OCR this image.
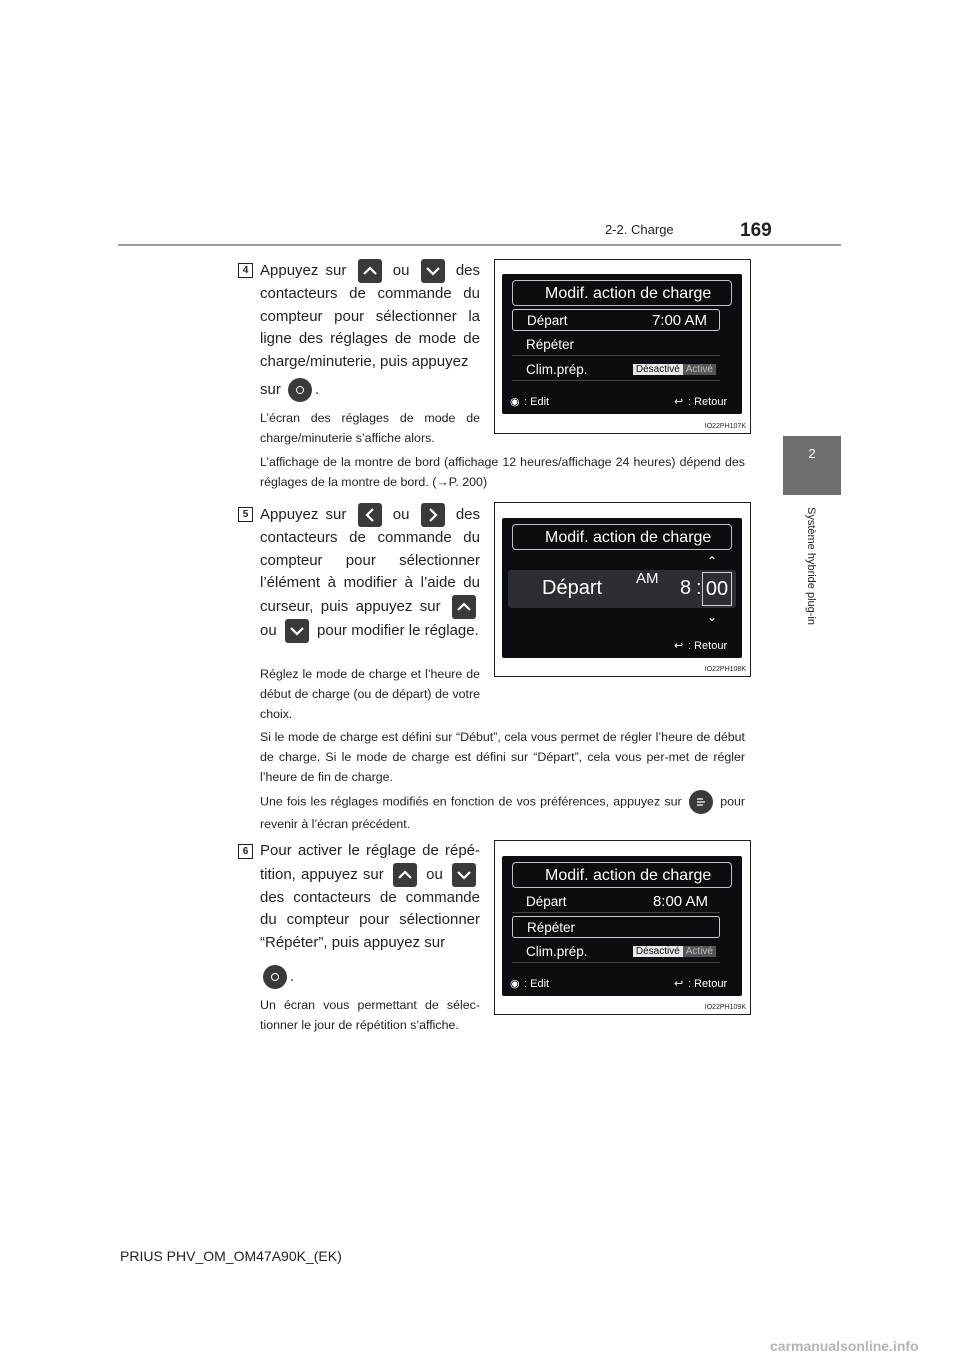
169
2-2. Charge
2
Système hybride plug-in
4 Appuyez sur	ou	des contacteurs de commande du compteur pour sélectionner la ligne des réglages de mode de charge/minuterie, puis appuyez
sur .
L’écran des réglages de mode de charge/minuterie s’affiche alors.
Modif. action de charge
Départ	7:00 AM
Répéter
Clim.prép.	Désactivé Activé
◉ : Edit	↩ : Retour
IO22PH107K
L’affichage de la montre de bord (affichage 12 heures/affichage 24 heures) dépend des réglages de la montre de bord. (→P. 200)
5 Appuyez sur	ou	des contacteurs de commande du compteur pour sélectionner l’élément à modifier à l’aide du curseur, puis appuyez sur
ou	pour modifier le réglage.
Réglez le mode de charge et l’heure de début de charge (ou de départ) de votre choix.
Modif. action de charge
Départ AM 8 : 00
⌃
⌄
↩ : Retour
IO22PH108K
Si le mode de charge est défini sur “Début”, cela vous permet de régler l’heure de début de charge. Si le mode de charge est défini sur “Départ”, cela vous per-met de régler l’heure de fin de charge.
Une fois les réglages modifiés en fonction de vos préférences, appuyez sur	pour revenir à l’écran précédent.
6 Pour activer le réglage de répé-tition, appuyez sur	ou
des contacteurs de commande du compteur pour sélectionner “Répéter”, puis appuyez sur
.
Un écran vous permettant de sélec-tionner le jour de répétition s’affiche.
Modif. action de charge
Départ	8:00 AM
Répéter
Clim.prép.	Désactivé Activé
◉ : Edit	↩ : Retour
IO22PH109K
PRIUS PHV_OM_OM47A90K_(EK)
carmanualsonline.info
